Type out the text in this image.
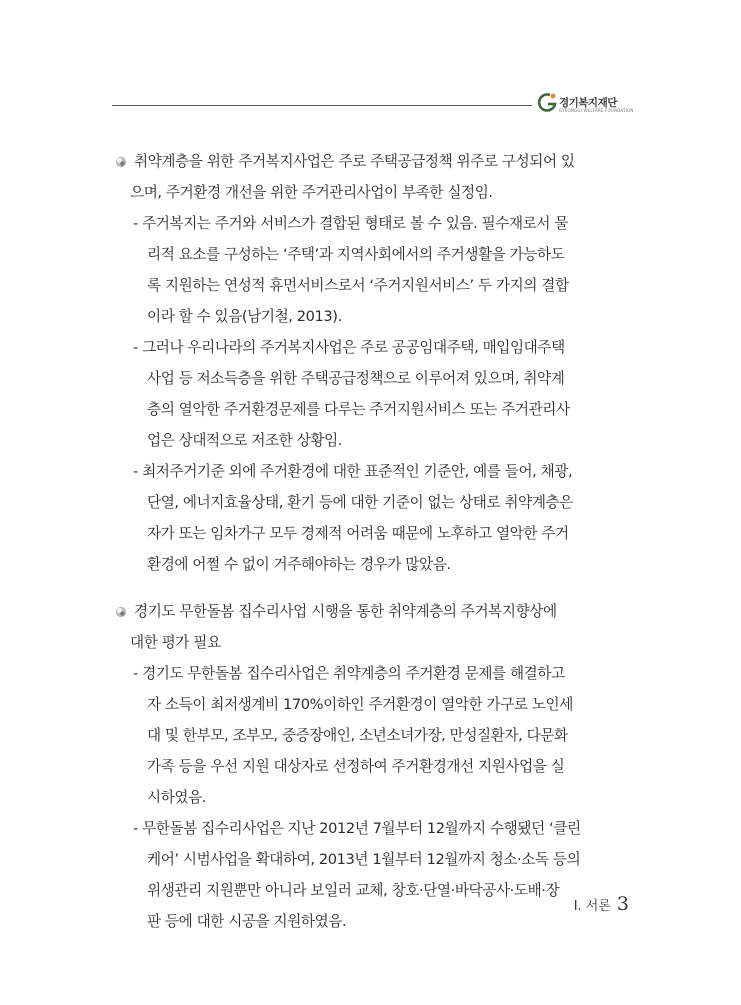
경기복지재단
GYEONGGI WELFARE FOUNDATION
취약계층을 위한 주거복지사업은 주로 주택공급정책 위주로 구성되어 있
으며, 주거환경 개선을 위한 주거관리사업이 부족한 실정임.
- 주거복지는 주거와 서비스가 결합된 형태로 볼 수 있음. 필수재로서 물
리적 요소를 구성하는 ‘주택’과 지역사회에서의 주거생활을 가능하도
록 지원하는 연성적 휴먼서비스로서 ‘주거지원서비스’ 두 가지의 결합
이라 할 수 있음(남기철, 2013).
- 그러나 우리나라의 주거복지사업은 주로 공공임대주택, 매입임대주택
사업 등 저소득층을 위한 주택공급정책으로 이루어져 있으며, 취약계
층의 열악한 주거환경문제를 다루는 주거지원서비스 또는 주거관리사
업은 상대적으로 저조한 상황임.
- 최저주거기준 외에 주거환경에 대한 표준적인 기준안, 예를 들어, 채광,
단열, 에너지효율상태, 환기 등에 대한 기준이 없는 상태로 취약계층은
자가 또는 임차가구 모두 경제적 어려움 때문에 노후하고 열악한 주거
환경에 어쩔 수 없이 거주해야하는 경우가 많았음.
경기도 무한돌봄 집수리사업 시행을 통한 취약계층의 주거복지향상에
대한 평가 필요
- 경기도 무한돌봄 집수리사업은 취약계층의 주거환경 문제를 해결하고
자 소득이 최저생계비 170%이하인 주거환경이 열악한 가구로 노인세
대 및 한부모, 조부모, 중증장애인, 소년소녀가장, 만성질환자, 다문화
가족 등을 우선 지원 대상자로 선정하여 주거환경개선 지원사업을 실
시하였음.
- 무한돌봄 집수리사업은 지난 2012년 7월부터 12월까지 수행됐던 ‘클린
케어’ 시범사업을 확대하여, 2013년 1월부터 12월까지 청소·소독 등의
위생관리 지원뿐만 아니라 보일러 교체, 창호·단열·바닥공사·도배·장
판 등에 대한 시공을 지원하였음.
Ⅰ. 서론 3
